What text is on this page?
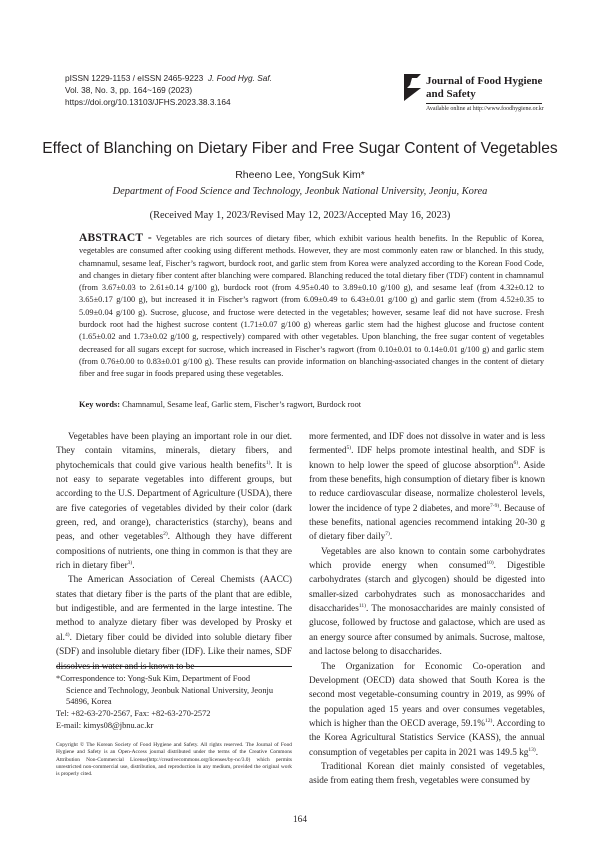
pISSN 1229-1153 / eISSN 2465-9223 J. Food Hyg. Saf.
Vol. 38, No. 3, pp. 164~169 (2023)
https://doi.org/10.13103/JFHS.2023.38.3.164
Journal of Food Hygiene
and Safety
Available online at http://www.foodhygiene.or.kr
Effect of Blanching on Dietary Fiber and Free Sugar Content of Vegetables
Rheeno Lee, YongSuk Kim*
Department of Food Science and Technology, Jeonbuk National University, Jeonju, Korea
(Received May 1, 2023/Revised May 12, 2023/Accepted May 16, 2023)
ABSTRACT - Vegetables are rich sources of dietary fiber, which exhibit various health benefits. In the Republic of Korea, vegetables are consumed after cooking using different methods. However, they are most commonly eaten raw or blanched. In this study, chamnamul, sesame leaf, Fischer’s ragwort, burdock root, and garlic stem from Korea were analyzed according to the Korean Food Code, and changes in dietary fiber content after blanching were compared. Blanching reduced the total dietary fiber (TDF) content in chamnamul (from 3.67±0.03 to 2.61±0.14 g/100 g), burdock root (from 4.95±0.40 to 3.89±0.10 g/100 g), and sesame leaf (from 4.32±0.12 to 3.65±0.17 g/100 g), but increased it in Fischer’s ragwort (from 6.09±0.49 to 6.43±0.01 g/100 g) and garlic stem (from 4.52±0.35 to 5.09±0.04 g/100 g). Sucrose, glucose, and fructose were detected in the vegetables; however, sesame leaf did not have sucrose. Fresh burdock root had the highest sucrose content (1.71±0.07 g/100 g) whereas garlic stem had the highest glucose and fructose content (1.65±0.02 and 1.73±0.02 g/100 g, respectively) compared with other vegetables. Upon blanching, the free sugar content of vegetables decreased for all sugars except for sucrose, which increased in Fischer’s ragwort (from 0.10±0.01 to 0.14±0.01 g/100 g) and garlic stem (from 0.76±0.00 to 0.83±0.01 g/100 g). These results can provide information on blanching-associated changes in the content of dietary fiber and free sugar in foods prepared using these vegetables.
Key words: Chamnamul, Sesame leaf, Garlic stem, Fischer’s ragwort, Burdock root

Vegetables have been playing an important role in our diet. They contain vitamins, minerals, dietary fibers, and phytochemicals that could give various health benefits$^{1)}$. It is not easy to separate vegetables into different groups, but according to the U.S. Department of Agriculture (USDA), there are five categories of vegetables divided by their color (dark green, red, and orange), characteristics (starchy), beans and peas, and other vegetables$^{2)}$. Although they have different compositions of nutrients, one thing in common is that they are rich in dietary fiber$^{3)}$.

The American Association of Cereal Chemists (AACC) states that dietary fiber is the parts of the plant that are edible, but indigestible, and are fermented in the large intestine. The method to analyze dietary fiber was developed by Prosky et al.$^{4)}$. Dietary fiber could be divided into soluble dietary fiber (SDF) and insoluble dietary fiber (IDF). Like their names, SDF dissolves in water and is known to be

more fermented, and IDF does not dissolve in water and is less fermented$^{5)}$. IDF helps promote intestinal health, and SDF is known to help lower the speed of glucose absorption$^{6)}$. Aside from these benefits, high consumption of dietary fiber is known to reduce cardiovascular disease, normalize cholesterol levels, lower the incidence of type 2 diabetes, and more$^{7-9)}$. Because of these benefits, national agencies recommend intaking 20-30 g of dietary fiber daily$^{7)}$.

Vegetables are also known to contain some carbohydrates which provide energy when consumed$^{10)}$. Digestible carbohydrates (starch and glycogen) should be digested into smaller-sized carbohydrates such as monosaccharides and disaccharides$^{11)}$. The monosaccharides are mainly consisted of glucose, followed by fructose and galactose, which are used as an energy source after consumed by animals. Sucrose, maltose, and lactose belong to disaccharides.

The Organization for Economic Co-operation and Development (OECD) data showed that South Korea is the second most vegetable-consuming country in 2019, as 99% of the population aged 15 years and over consumes vegetables, which is higher than the OECD average, 59.1%$^{12)}$. According to the Korea Agricultural Statistics Service (KASS), the annual consumption of vegetables per capita in 2021 was 149.5 $kg^{13)}$.

Traditional Korean diet mainly consisted of vegetables, aside from eating them fresh, vegetables were consumed by

*Correspondence to: Yong-Suk Kim, Department of Food
Science and Technology, Jeonbuk National University, Jeonju
54896, Korea
Tel: +82-63-270-2567, Fax: +82-63-270-2572
E-mail: kimys08@jbnu.ac.kr
Copyright © The Korean Society of Food Hygiene and Safety. All rights reserved. The Journal of Food Hygiene and Safety is an Open-Access journal distributed under the terms of the Creative Commons Attribution Non-Commercial License(http://creativecommons.org/licenses/by-nc/3.0) which permits unrestricted non-commercial use, distribution, and reproduction in any medium, provided the original work is properly cited.
164
